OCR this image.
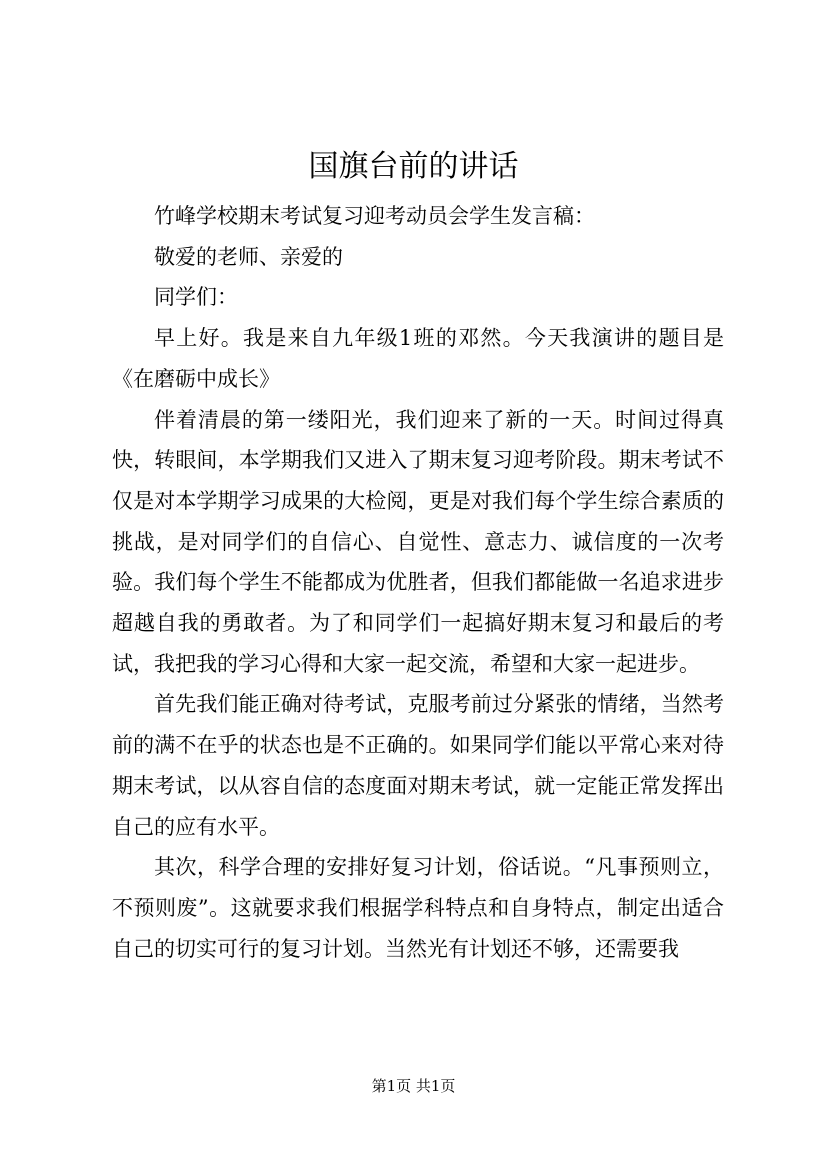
国旗台前的讲话

竹峰学校期末考试复习迎考动员会学生发言稿：

敬爱的老师、亲爱的

同学们：

早上好。我是来自九年级1班的邓然。今天我演讲的题目是《在磨砺中成长》

伴着清晨的第一缕阳光，我们迎来了新的一天。时间过得真快，转眼间，本学期我们又进入了期末复习迎考阶段。期末考试不仅是对本学期学习成果的大检阅，更是对我们每个学生综合素质的挑战，是对同学们的自信心、自觉性、意志力、诚信度的一次考验。我们每个学生不能都成为优胜者，但我们都能做一名追求进步超越自我的勇敢者。为了和同学们一起搞好期末复习和最后的考试，我把我的学习心得和大家一起交流，希望和大家一起进步。

首先我们能正确对待考试，克服考前过分紧张的情绪，当然考前的满不在乎的状态也是不正确的。如果同学们能以平常心来对待期末考试，以从容自信的态度面对期末考试，就一定能正常发挥出自己的应有水平。

其次，科学合理的安排好复习计划，俗话说。“凡事预则立，不预则废”。这就要求我们根据学科特点和自身特点，制定出适合自己的切实可行的复习计划。当然光有计划还不够，还需要我

第1页 共1页
